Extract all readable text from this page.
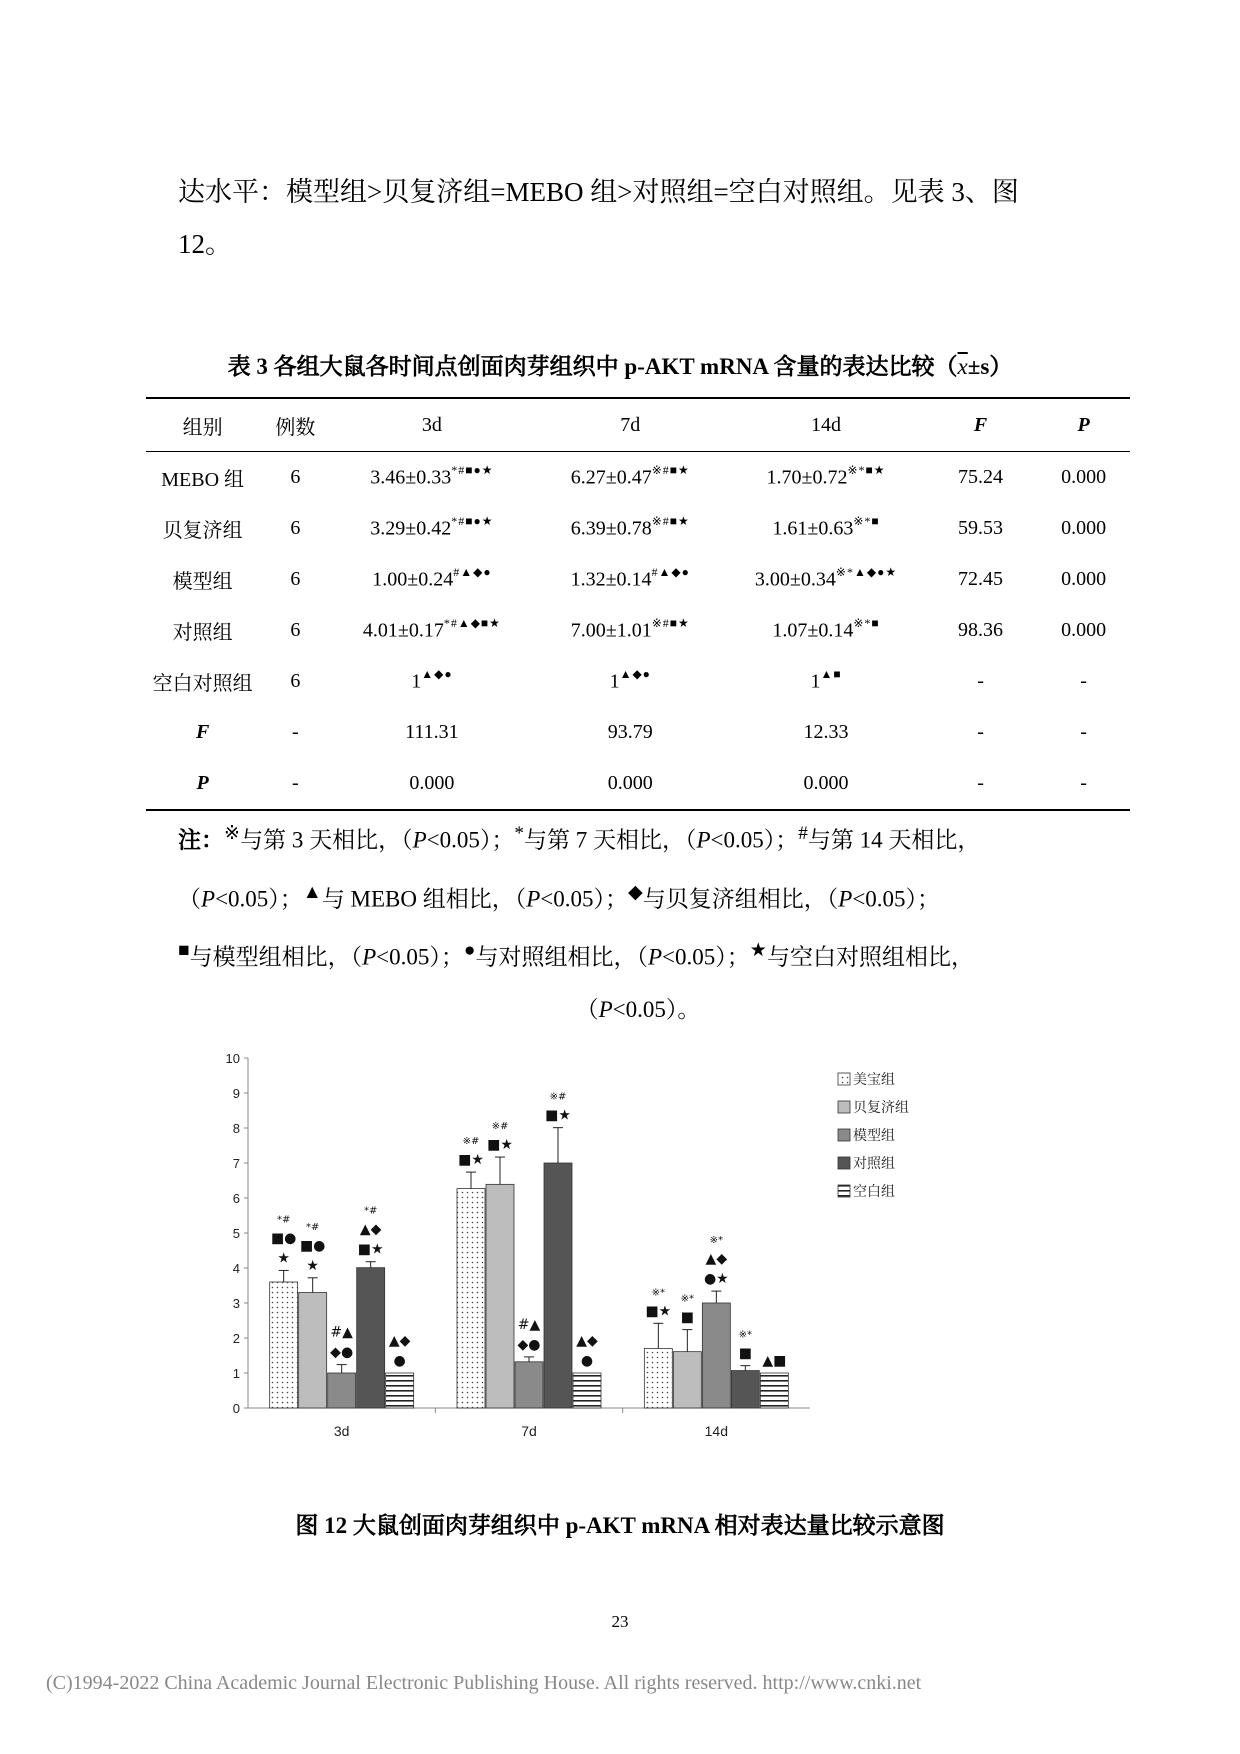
达水平：模型组>贝复济组=MEBO 组>对照组=空白对照组。见表 3、图
12。
表 3 各组大鼠各时间点创面肉芽组织中 p-AKT mRNA 含量的表达比较$(\overline{x}\pm s)$
组别	例数	3d	7d	14d	F	P
MEBO 组	6	3.46±0.33*#■●★	6.27±0.47※#■★	1.70±0.72※*■★	75.24	0.000
贝复济组	6	3.29±0.42*#■●★	6.39±0.78※#■★	1.61±0.63※*■	59.53	0.000
模型组	6	1.00±0.24#▲◆●	1.32±0.14#▲◆●	3.00±0.34※*▲◆●★	72.45	0.000
对照组	6	4.01±0.17*#▲◆■★	7.00±1.01※#■★	1.07±0.14※*■	98.36	0.000
空白对照组	6	1▲◆●	1▲◆●	1▲■	-	-
F	-	111.31	93.79	12.33	-	-
P	-	0.000	0.000	0.000	-	-
注：※与第 3 天相比，（P<0.05）；*与第 7 天相比，（P<0.05）；#与第 14 天相比，
（P<0.05）；▲与 MEBO 组相比，（P<0.05）；◆与贝复济组相比，（P<0.05）；
■与模型组相比，（P<0.05）；●与对照组相比，（P<0.05）；★与空白对照组相比，
（P<0.05）。
0
1
2
3
4
5
6
7
8
9
10
3d
*#
■●
★
*#
■●
★
#▲
◆●
*#
▲◆
■★
▲◆
●
7d
※#
■★
※#
■★
#▲
◆●
※#
■★
▲◆
●
14d
※*
■★
※*
■
※*
▲◆
●★
※*
■ ▲■
美宝组
贝复济组
模型组
对照组
空白组
图 12 大鼠创面肉芽组织中 p-AKT mRNA 相对表达量比较示意图
23
(C)1994-2022 China Academic Journal Electronic Publishing House. All rights reserved. http://www.cnki.net
